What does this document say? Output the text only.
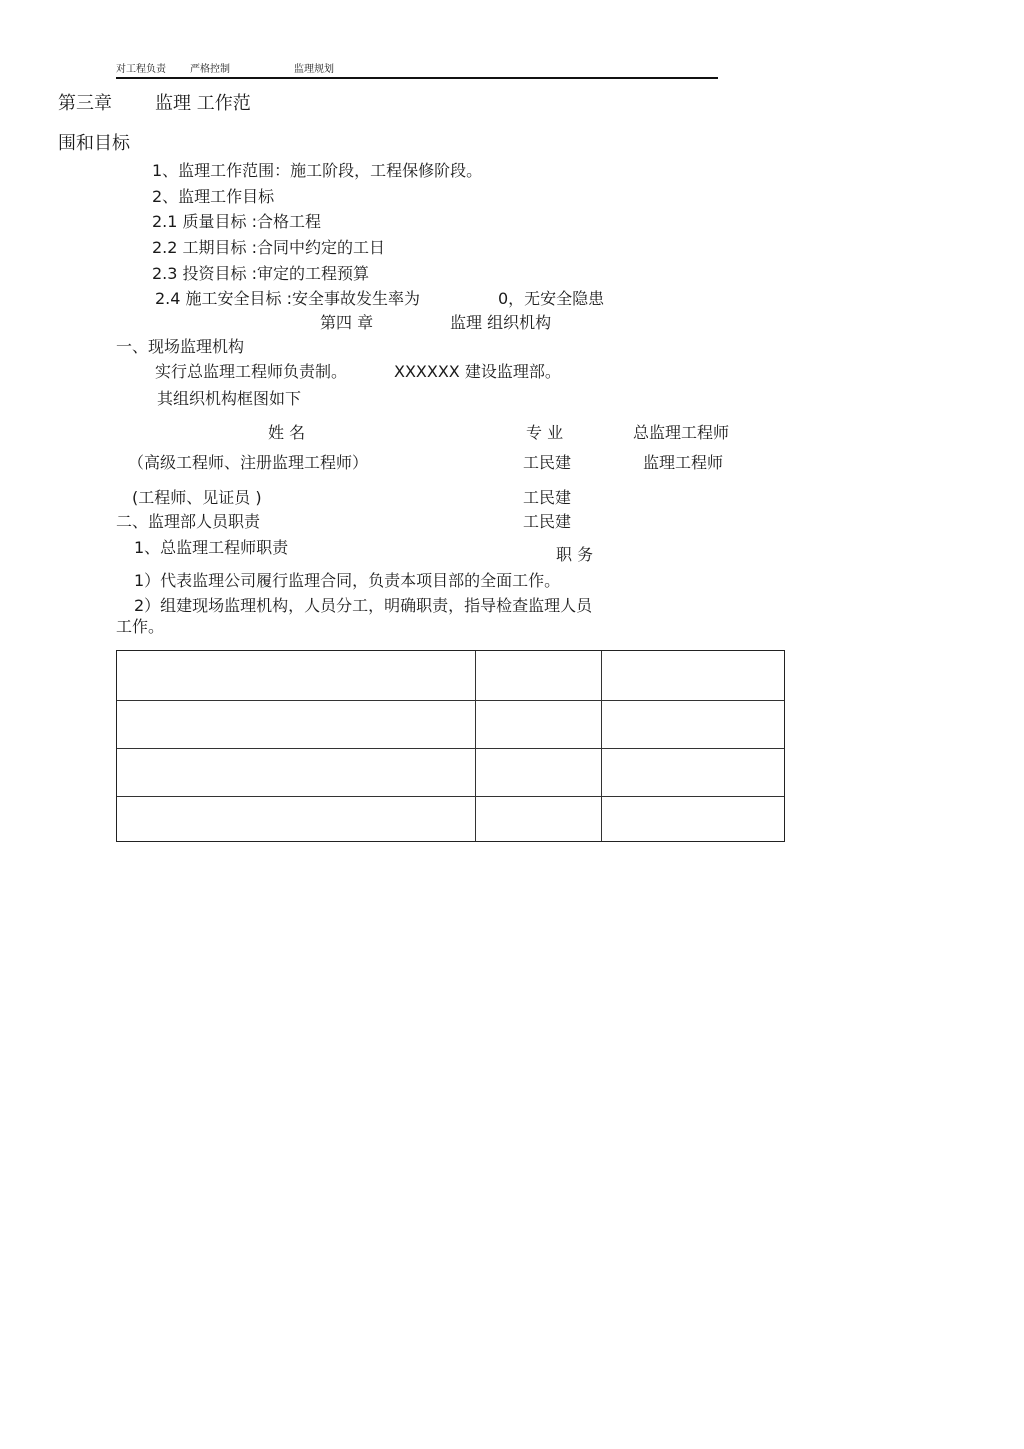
对工程负责 严格控制	监理规划
第三章 监理 工作范
围和目标
1、监理工作范围：施工阶段，工程保修阶段。
2、监理工作目标
2.1 质量目标 :合格工程
2.2 工期目标 :合同中约定的工日
2.3 投资目标 :审定的工程预算
2.4 施工安全目标 :安全事故发生率为	0，无安全隐患
第四 章	监理 组织机构
一、现场监理机构
实行总监理工程师负责制。	XXXXXX 建设监理部。
其组织机构框图如下
姓 名	专 业	总监理工程师
（高级工程师、注册监理工程师）	工民建	监理工程师
(工程师、见证员 )	工民建
二、监理部人员职责	工民建
1、总监理工程师职责	职 务
1）代表监理公司履行监理合同，负责本项目部的全面工作。
2）组建现场监理机构，人员分工，明确职责，指导检查监理人员
工作。
